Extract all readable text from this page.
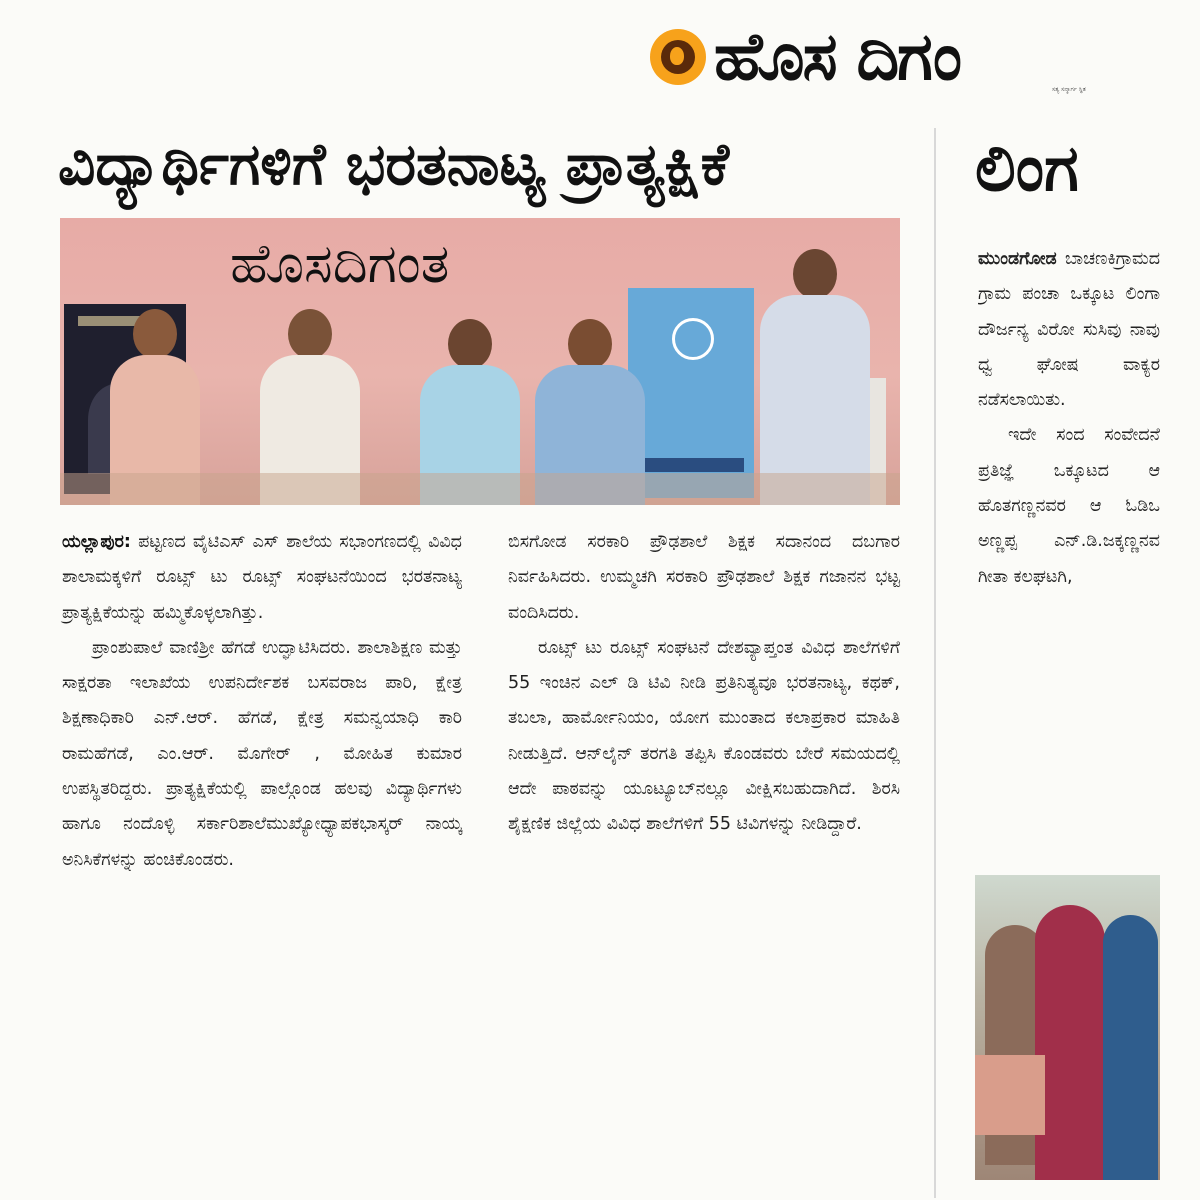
ಹೊಸ ದಿಗಂ	ಸತ್ಯ ಸನ್ಮಾರ್ಗ ಸ್ಥಿತ
ವಿದ್ಯಾರ್ಥಿಗಳಿಗೆ ಭರತನಾಟ್ಯ ಪ್ರಾತ್ಯಕ್ಷಿಕೆ	ಲಿಂಗ
ಹೊಸದಿಗಂತ

ಯಲ್ಲಾಪುರ: ಪಟ್ಟಣದ ವೈಟಿಎಸ್ ಎಸ್ ಶಾಲೆಯ ಸಭಾಂಗಣದಲ್ಲಿ ವಿವಿಧ ಶಾಲಾಮಕ್ಕಳಿಗೆ ರೂಟ್ಸ್ ಟು ರೂಟ್ಸ್ ಸಂಘಟನೆಯಿಂದ ಭರತನಾಟ್ಯ ಪ್ರಾತ್ಯಕ್ಷಿಕೆಯನ್ನು ಹಮ್ಮಿಕೊಳ್ಳಲಾಗಿತ್ತು.

ಪ್ರಾಂಶುಪಾಲೆ ವಾಣಿಶ್ರೀ ಹೆಗಡೆ ಉದ್ಘಾಟಿಸಿದರು. ಶಾಲಾಶಿಕ್ಷಣ ಮತ್ತು ಸಾಕ್ಷರತಾ ಇಲಾಖೆಯ ಉಪನಿರ್ದೇಶಕ ಬಸವರಾಜ ಪಾರಿ, ಕ್ಷೇತ್ರ ಶಿಕ್ಷಣಾಧಿಕಾರಿ ಎನ್.ಆರ್. ಹೆಗಡೆ, ಕ್ಷೇತ್ರ ಸಮನ್ವಯಾಧಿ ಕಾರಿ ರಾಮಹೆಗಡೆ, ಎಂ.ಆರ್. ಮೊಗೇರ್ , ಮೋಹಿತ ಕುಮಾರ ಉಪಸ್ಥಿತರಿದ್ದರು. ಪ್ರಾತ್ಯಕ್ಷಿಕೆಯಲ್ಲಿ ಪಾಲ್ಗೊಂಡ ಹಲವು ವಿದ್ಯಾರ್ಥಿಗಳು ಹಾಗೂ ನಂದೊಳ್ಳಿ ಸರ್ಕಾರಿಶಾಲೆಮುಖ್ಯೋಧ್ಯಾಪಕಭಾಸ್ಕರ್ ನಾಯ್ಕ ಅನಿಸಿಕೆಗಳನ್ನು ಹಂಚಿಕೊಂಡರು.

ಬಿಸಗೋಡ ಸರಕಾರಿ ಪ್ರೌಢಶಾಲೆ ಶಿಕ್ಷಕ ಸದಾನಂದ ದಬಗಾರ ನಿರ್ವಹಿಸಿದರು. ಉಮ್ಮಚಗಿ ಸರಕಾರಿ ಪ್ರೌಢಶಾಲೆ ಶಿಕ್ಷಕ ಗಜಾನನ ಭಟ್ಟ ವಂದಿಸಿದರು.

ರೂಟ್ಸ್ ಟು ರೂಟ್ಸ್ ಸಂಘಟನೆ ದೇಶವ್ಯಾಪ್ತಂತ ವಿವಿಧ ಶಾಲೆಗಳಿಗೆ 55 ಇಂಚಿನ ಎಲ್ ಡಿ ಟಿವಿ ನೀಡಿ ಪ್ರತಿನಿತ್ಯವೂ ಭರತನಾಟ್ಯ, ಕಥಕ್, ತಬಲಾ, ಹಾರ್ಮೋನಿಯಂ, ಯೋಗ ಮುಂತಾದ ಕಲಾಪ್ರಕಾರ ಮಾಹಿತಿ ನೀಡುತ್ತಿದೆ. ಆನ್‌ಲೈನ್ ತರಗತಿ ತಪ್ಪಿಸಿ ಕೊಂಡವರು ಬೇರೆ ಸಮಯದಲ್ಲಿ ಆದೇ ಪಾಠವನ್ನು ಯೂಟ್ಯೂಬ್‌ನಲ್ಲೂ ವೀಕ್ಷಿಸಬಹುದಾಗಿದೆ. ಶಿರಸಿ ಶೈಕ್ಷಣಿಕ ಜಿಲ್ಲೆಯ ವಿವಿಧ ಶಾಲೆಗಳಿಗೆ 55 ಟಿವಿಗಳನ್ನು ನೀಡಿದ್ದಾರೆ.

ಮುಂಡಗೋಡ ಬಾಚಣಕಿಗ್ರಾಮದ ಗ್ರಾಮ ಪಂಚಾ ಒಕ್ಕೂಟ ಲಿಂಗಾ ದೌರ್ಜನ್ಯ ವಿರೋ ಸುಸಿವು ನಾವು ಧ್ವ ಘೋಷ ವಾಕ್ಯರ ನಡೆಸಲಾಯಿತು.

ಇದೇ ಸಂದ ಸಂವೇದನೆ ಪ್ರತಿಜ್ಞೆ ಒಕ್ಕೂಟದ ಆ ಹೊತಗಣ್ಣನವರ ಆ ಓಡಿಒ ಅಣ್ಣಪ್ಪ ಎನ್.ಡಿ.ಜಕ್ಕಣ್ಣನವ ಗೀತಾ ಕಲಘಟಗಿ,
